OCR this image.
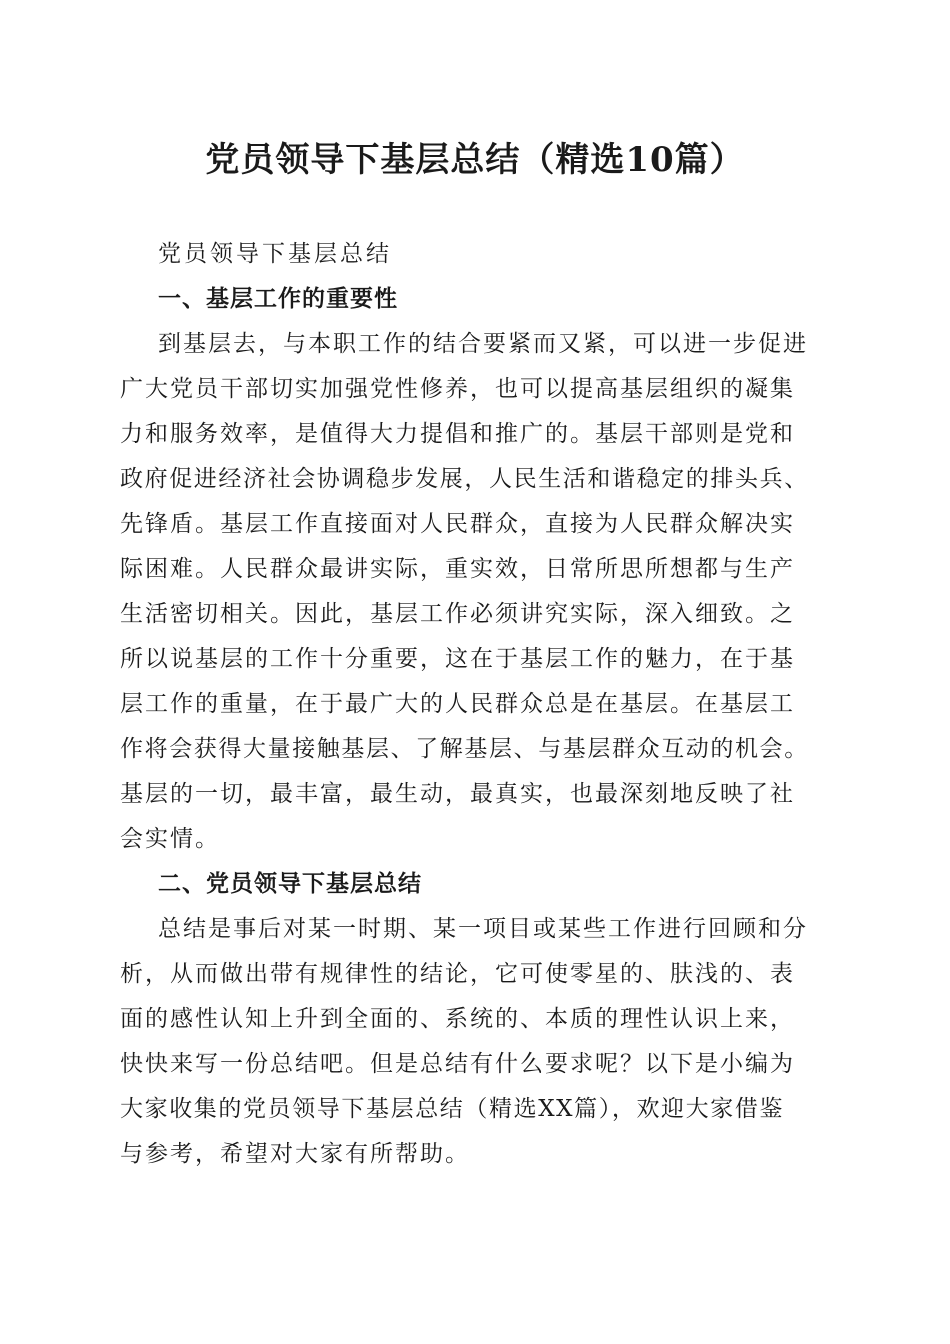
党员领导下基层总结（精选10篇）

党员领导下基层总结

一、基层工作的重要性

到基层去，与本职工作的结合要紧而又紧，可以进一步促进

广大党员干部切实加强党性修养，也可以提高基层组织的凝集

力和服务效率，是值得大力提倡和推广的。基层干部则是党和

政府促进经济社会协调稳步发展，人民生活和谐稳定的排头兵、

先锋盾。基层工作直接面对人民群众，直接为人民群众解决实

际困难。人民群众最讲实际，重实效，日常所思所想都与生产

生活密切相关。因此，基层工作必须讲究实际，深入细致。之

所以说基层的工作十分重要，这在于基层工作的魅力，在于基

层工作的重量，在于最广大的人民群众总是在基层。在基层工

作将会获得大量接触基层、了解基层、与基层群众互动的机会。

基层的一切，最丰富，最生动，最真实，也最深刻地反映了社

会实情。

二、党员领导下基层总结

总结是事后对某一时期、某一项目或某些工作进行回顾和分

析，从而做出带有规律性的结论，它可使零星的、肤浅的、表

面的感性认知上升到全面的、系统的、本质的理性认识上来，

快快来写一份总结吧。但是总结有什么要求呢？以下是小编为

大家收集的党员领导下基层总结（精选XX篇），欢迎大家借鉴

与参考，希望对大家有所帮助。
